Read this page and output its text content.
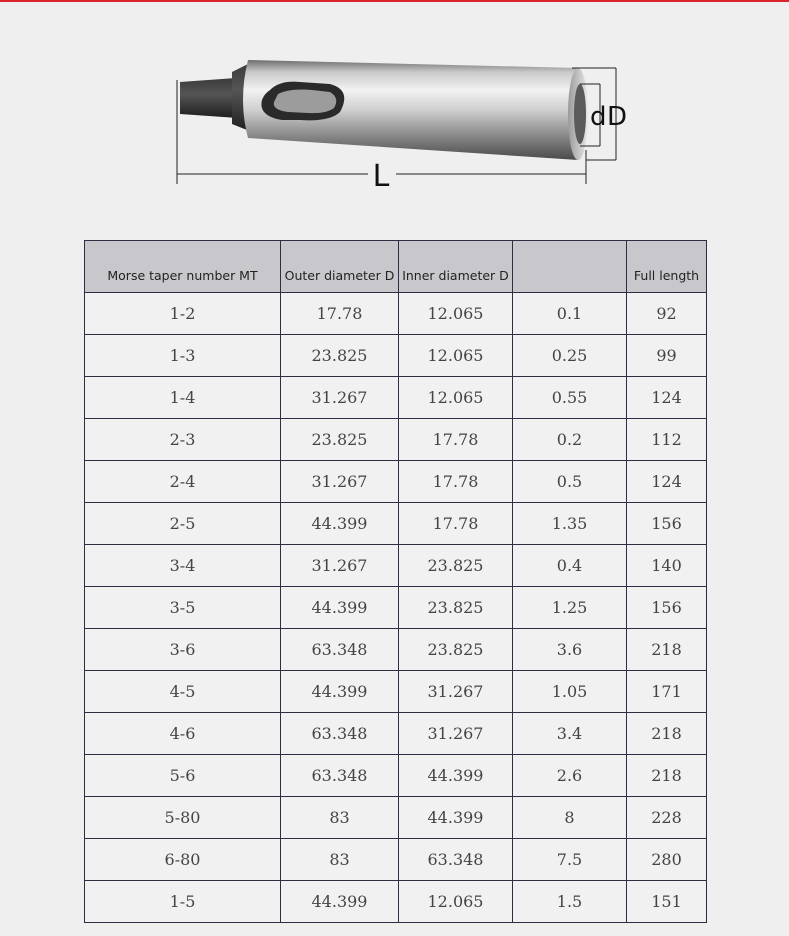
L
d D
Morse taper number MT	Outer diameter D	Inner diameter D		Full length
1-2	17.78	12.065	0.1	92
1-3	23.825	12.065	0.25	99
1-4	31.267	12.065	0.55	124
2-3	23.825	17.78	0.2	112
2-4	31.267	17.78	0.5	124
2-5	44.399	17.78	1.35	156
3-4	31.267	23.825	0.4	140
3-5	44.399	23.825	1.25	156
3-6	63.348	23.825	3.6	218
4-5	44.399	31.267	1.05	171
4-6	63.348	31.267	3.4	218
5-6	63.348	44.399	2.6	218
5-80	83	44.399	8	228
6-80	83	63.348	7.5	280
1-5	44.399	12.065	1.5	151
